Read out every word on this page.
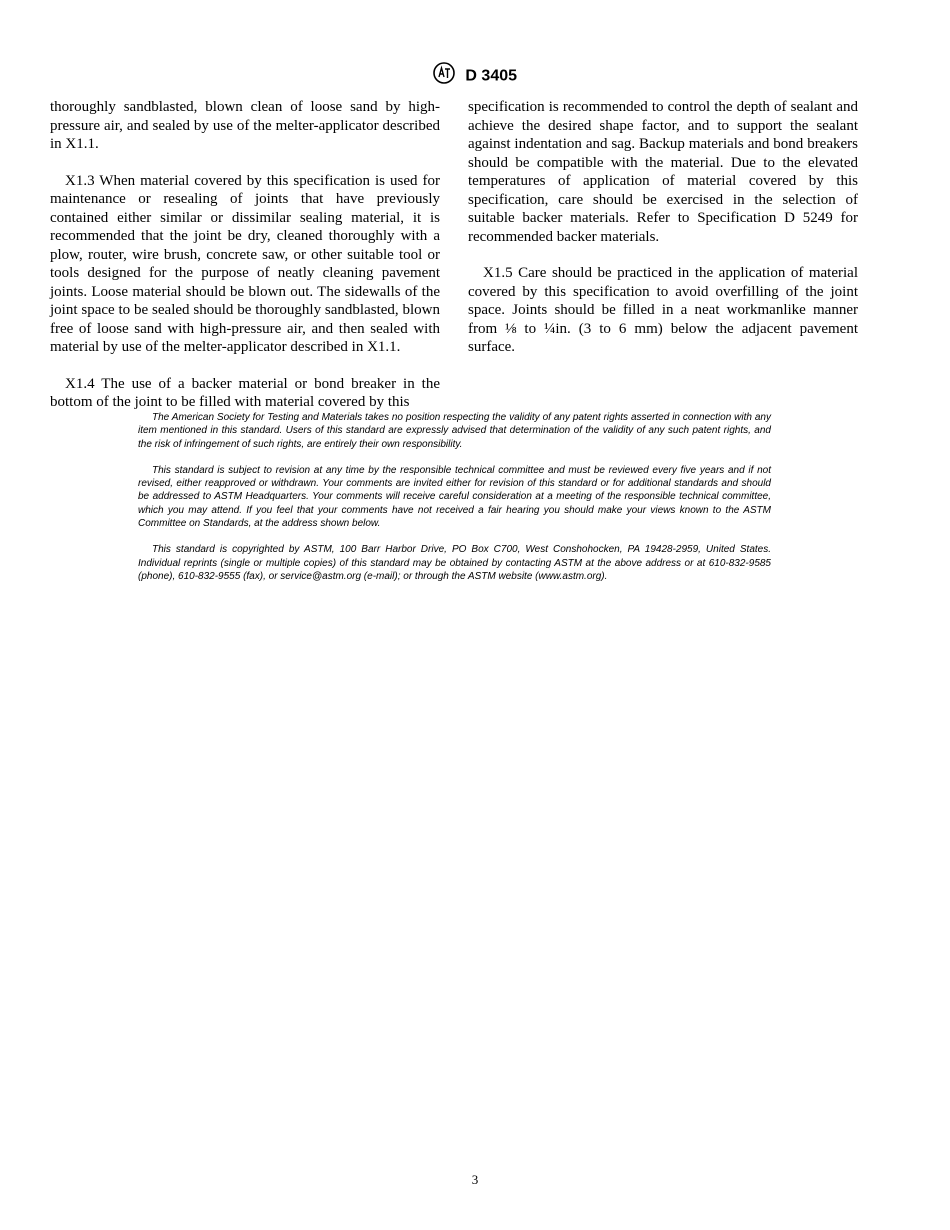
D 3405

thoroughly sandblasted, blown clean of loose sand by high-pressure air, and sealed by use of the melter-applicator described in X1.1.

X1.3 When material covered by this specification is used for maintenance or resealing of joints that have previously contained either similar or dissimilar sealing material, it is recommended that the joint be dry, cleaned thoroughly with a plow, router, wire brush, concrete saw, or other suitable tool or tools designed for the purpose of neatly cleaning pavement joints. Loose material should be blown out. The sidewalls of the joint space to be sealed should be thoroughly sandblasted, blown free of loose sand with high-pressure air, and then sealed with material by use of the melter-applicator described in X1.1.

X1.4 The use of a backer material or bond breaker in the bottom of the joint to be filled with material covered by this

specification is recommended to control the depth of sealant and achieve the desired shape factor, and to support the sealant against indentation and sag. Backup materials and bond breakers should be compatible with the material. Due to the elevated temperatures of application of material covered by this specification, care should be exercised in the selection of suitable backer materials. Refer to Specification D 5249 for recommended backer materials.

X1.5 Care should be practiced in the application of material covered by this specification to avoid overfilling of the joint space. Joints should be filled in a neat workmanlike manner from ⅛ to ¼in. (3 to 6 mm) below the adjacent pavement surface.

The American Society for Testing and Materials takes no position respecting the validity of any patent rights asserted in connection with any item mentioned in this standard. Users of this standard are expressly advised that determination of the validity of any such patent rights, and the risk of infringement of such rights, are entirely their own responsibility.

This standard is subject to revision at any time by the responsible technical committee and must be reviewed every five years and if not revised, either reapproved or withdrawn. Your comments are invited either for revision of this standard or for additional standards and should be addressed to ASTM Headquarters. Your comments will receive careful consideration at a meeting of the responsible technical committee, which you may attend. If you feel that your comments have not received a fair hearing you should make your views known to the ASTM Committee on Standards, at the address shown below.

This standard is copyrighted by ASTM, 100 Barr Harbor Drive, PO Box C700, West Conshohocken, PA 19428-2959, United States. Individual reprints (single or multiple copies) of this standard may be obtained by contacting ASTM at the above address or at 610-832-9585 (phone), 610-832-9555 (fax), or service@astm.org (e-mail); or through the ASTM website (www.astm.org).

3
